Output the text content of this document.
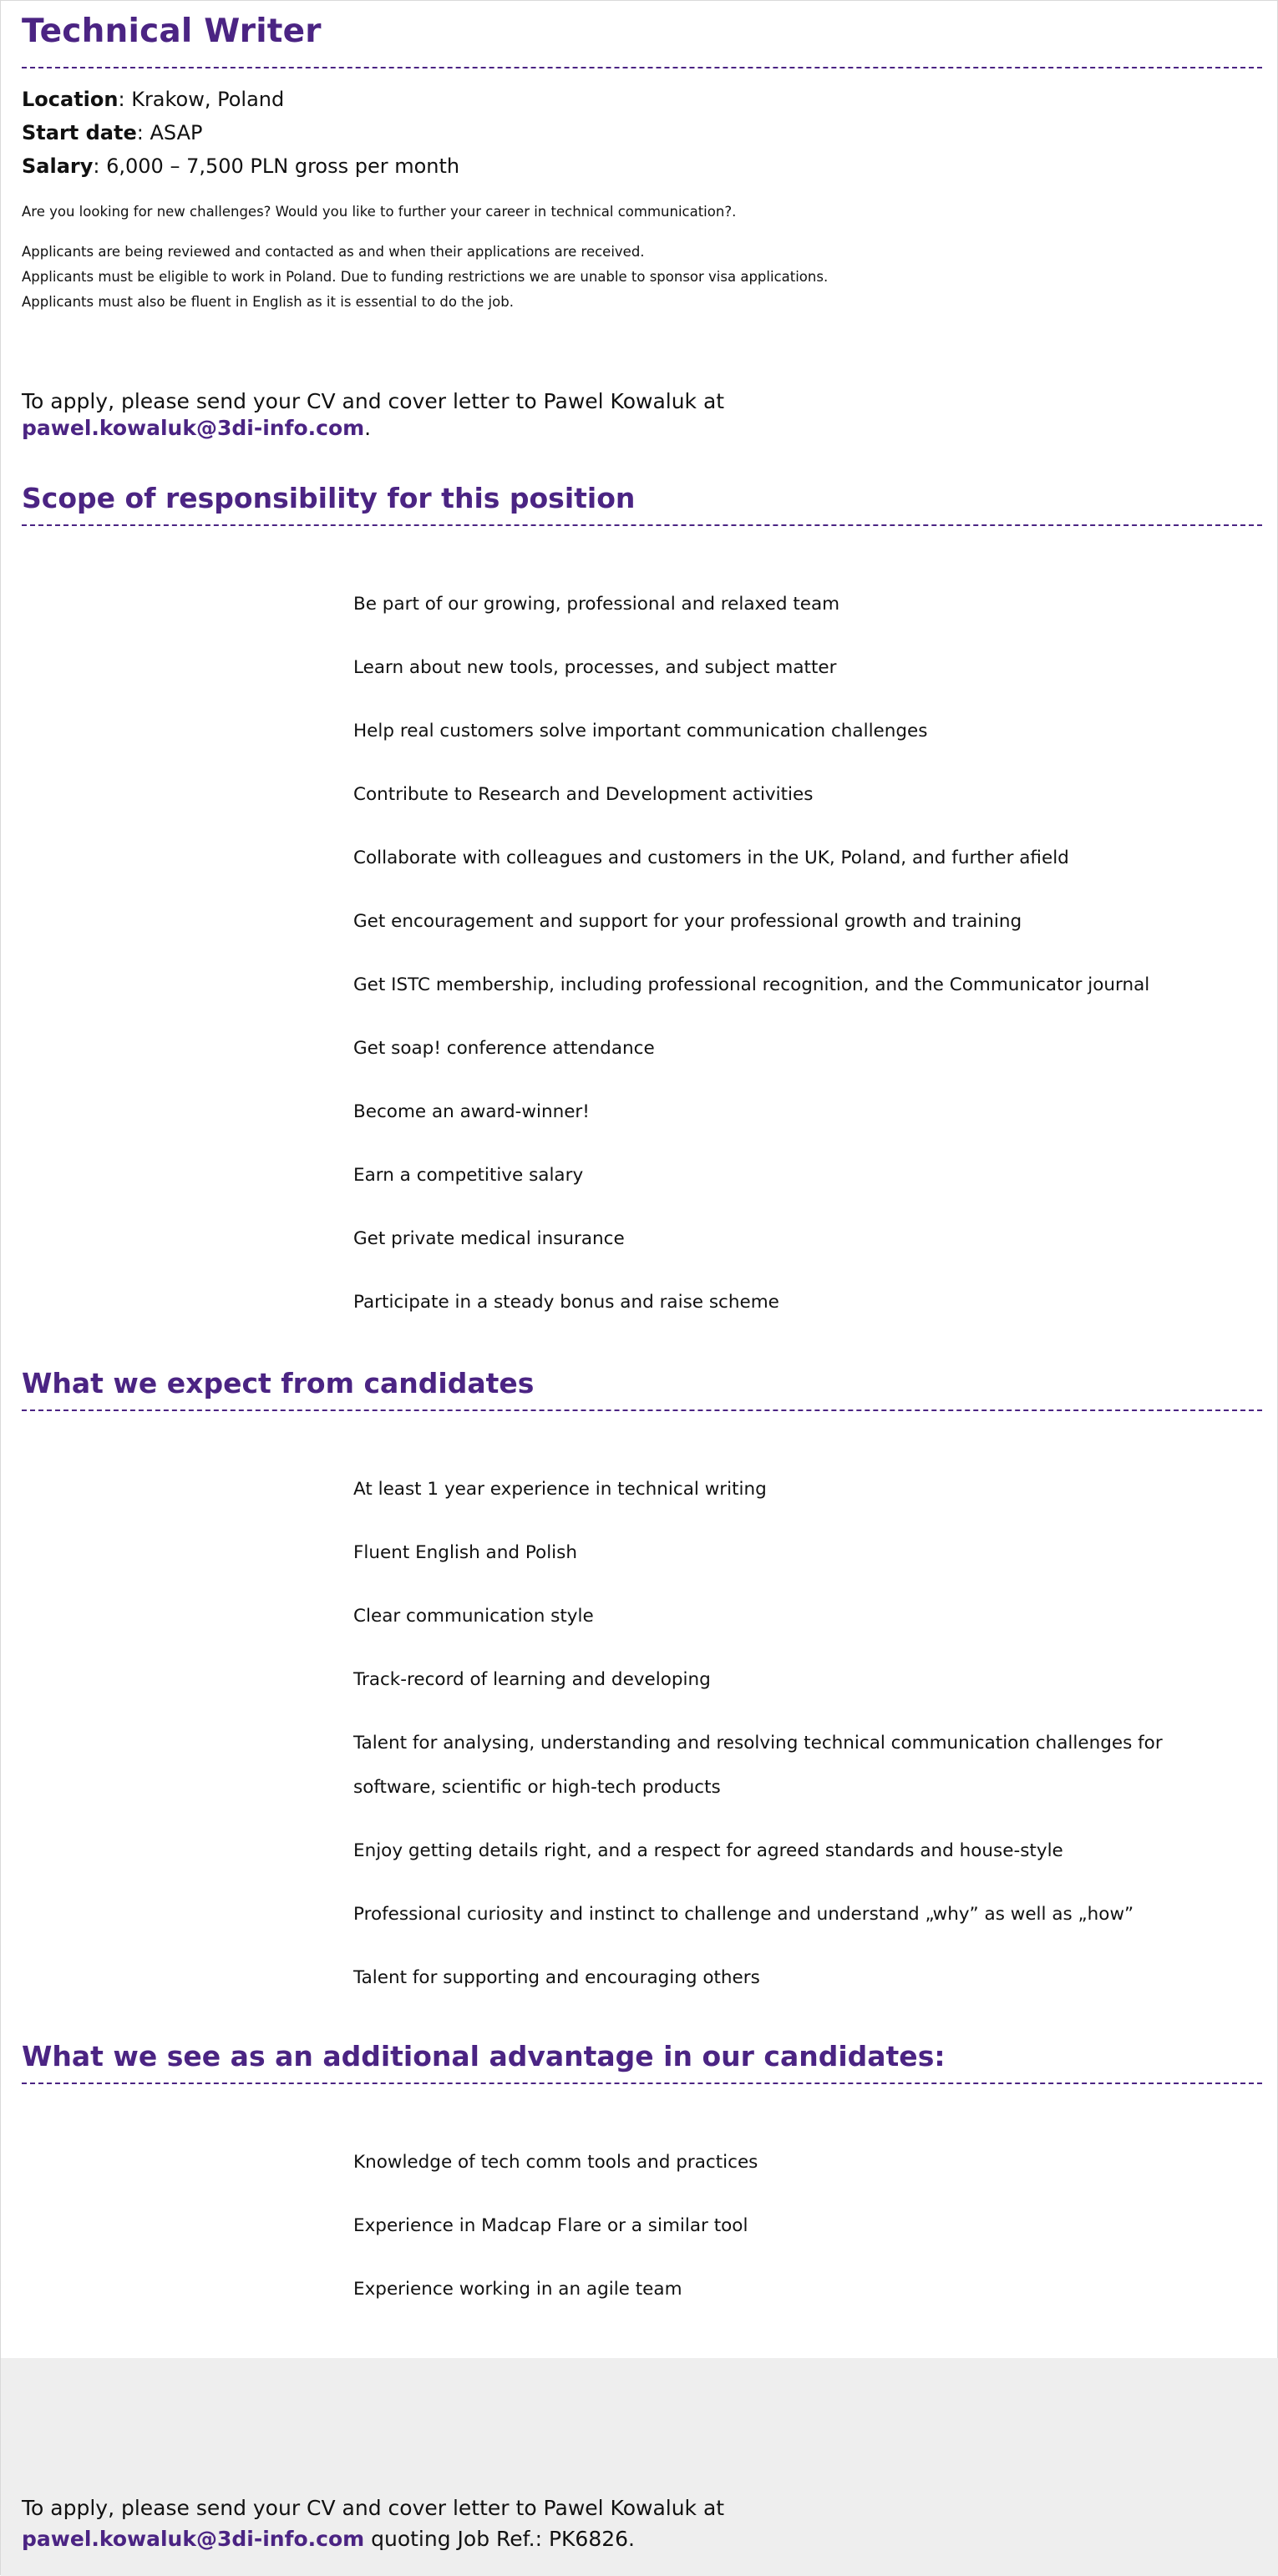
Technical Writer
Location: Krakow, Poland
Start date: ASAP
Salary: 6,000 – 7,500 PLN gross per month
Are you looking for new challenges? Would you like to further your career in technical communication?.
Applicants are being reviewed and contacted as and when their applications are received.
Applicants must be eligible to work in Poland. Due to funding restrictions we are unable to sponsor visa applications.
Applicants must also be fluent in English as it is essential to do the job.
To apply, please send your CV and cover letter to Pawel Kowaluk at
pawel.kowaluk@3di-info.com.
Scope of responsibility for this position
Be part of our growing, professional and relaxed team
Learn about new tools, processes, and subject matter
Help real customers solve important communication challenges
Contribute to Research and Development activities
Collaborate with colleagues and customers in the UK, Poland, and further afield
Get encouragement and support for your professional growth and training
Get ISTC membership, including professional recognition, and the Communicator journal
Get soap! conference attendance
Become an award-winner!
Earn a competitive salary
Get private medical insurance
Participate in a steady bonus and raise scheme
What we expect from candidates
At least 1 year experience in technical writing
Fluent English and Polish
Clear communication style
Track-record of learning and developing
Talent for analysing, understanding and resolving technical communication challenges for software, scientific or high-tech products
Enjoy getting details right, and a respect for agreed standards and house-style
Professional curiosity and instinct to challenge and understand „why” as well as „how”
Talent for supporting and encouraging others
What we see as an additional advantage in our candidates:
Knowledge of tech comm tools and practices
Experience in Madcap Flare or a similar tool
Experience working in an agile team
To apply, please send your CV and cover letter to Pawel Kowaluk at pawel.kowaluk@3di-info.com quoting Job Ref.: PK6826.
